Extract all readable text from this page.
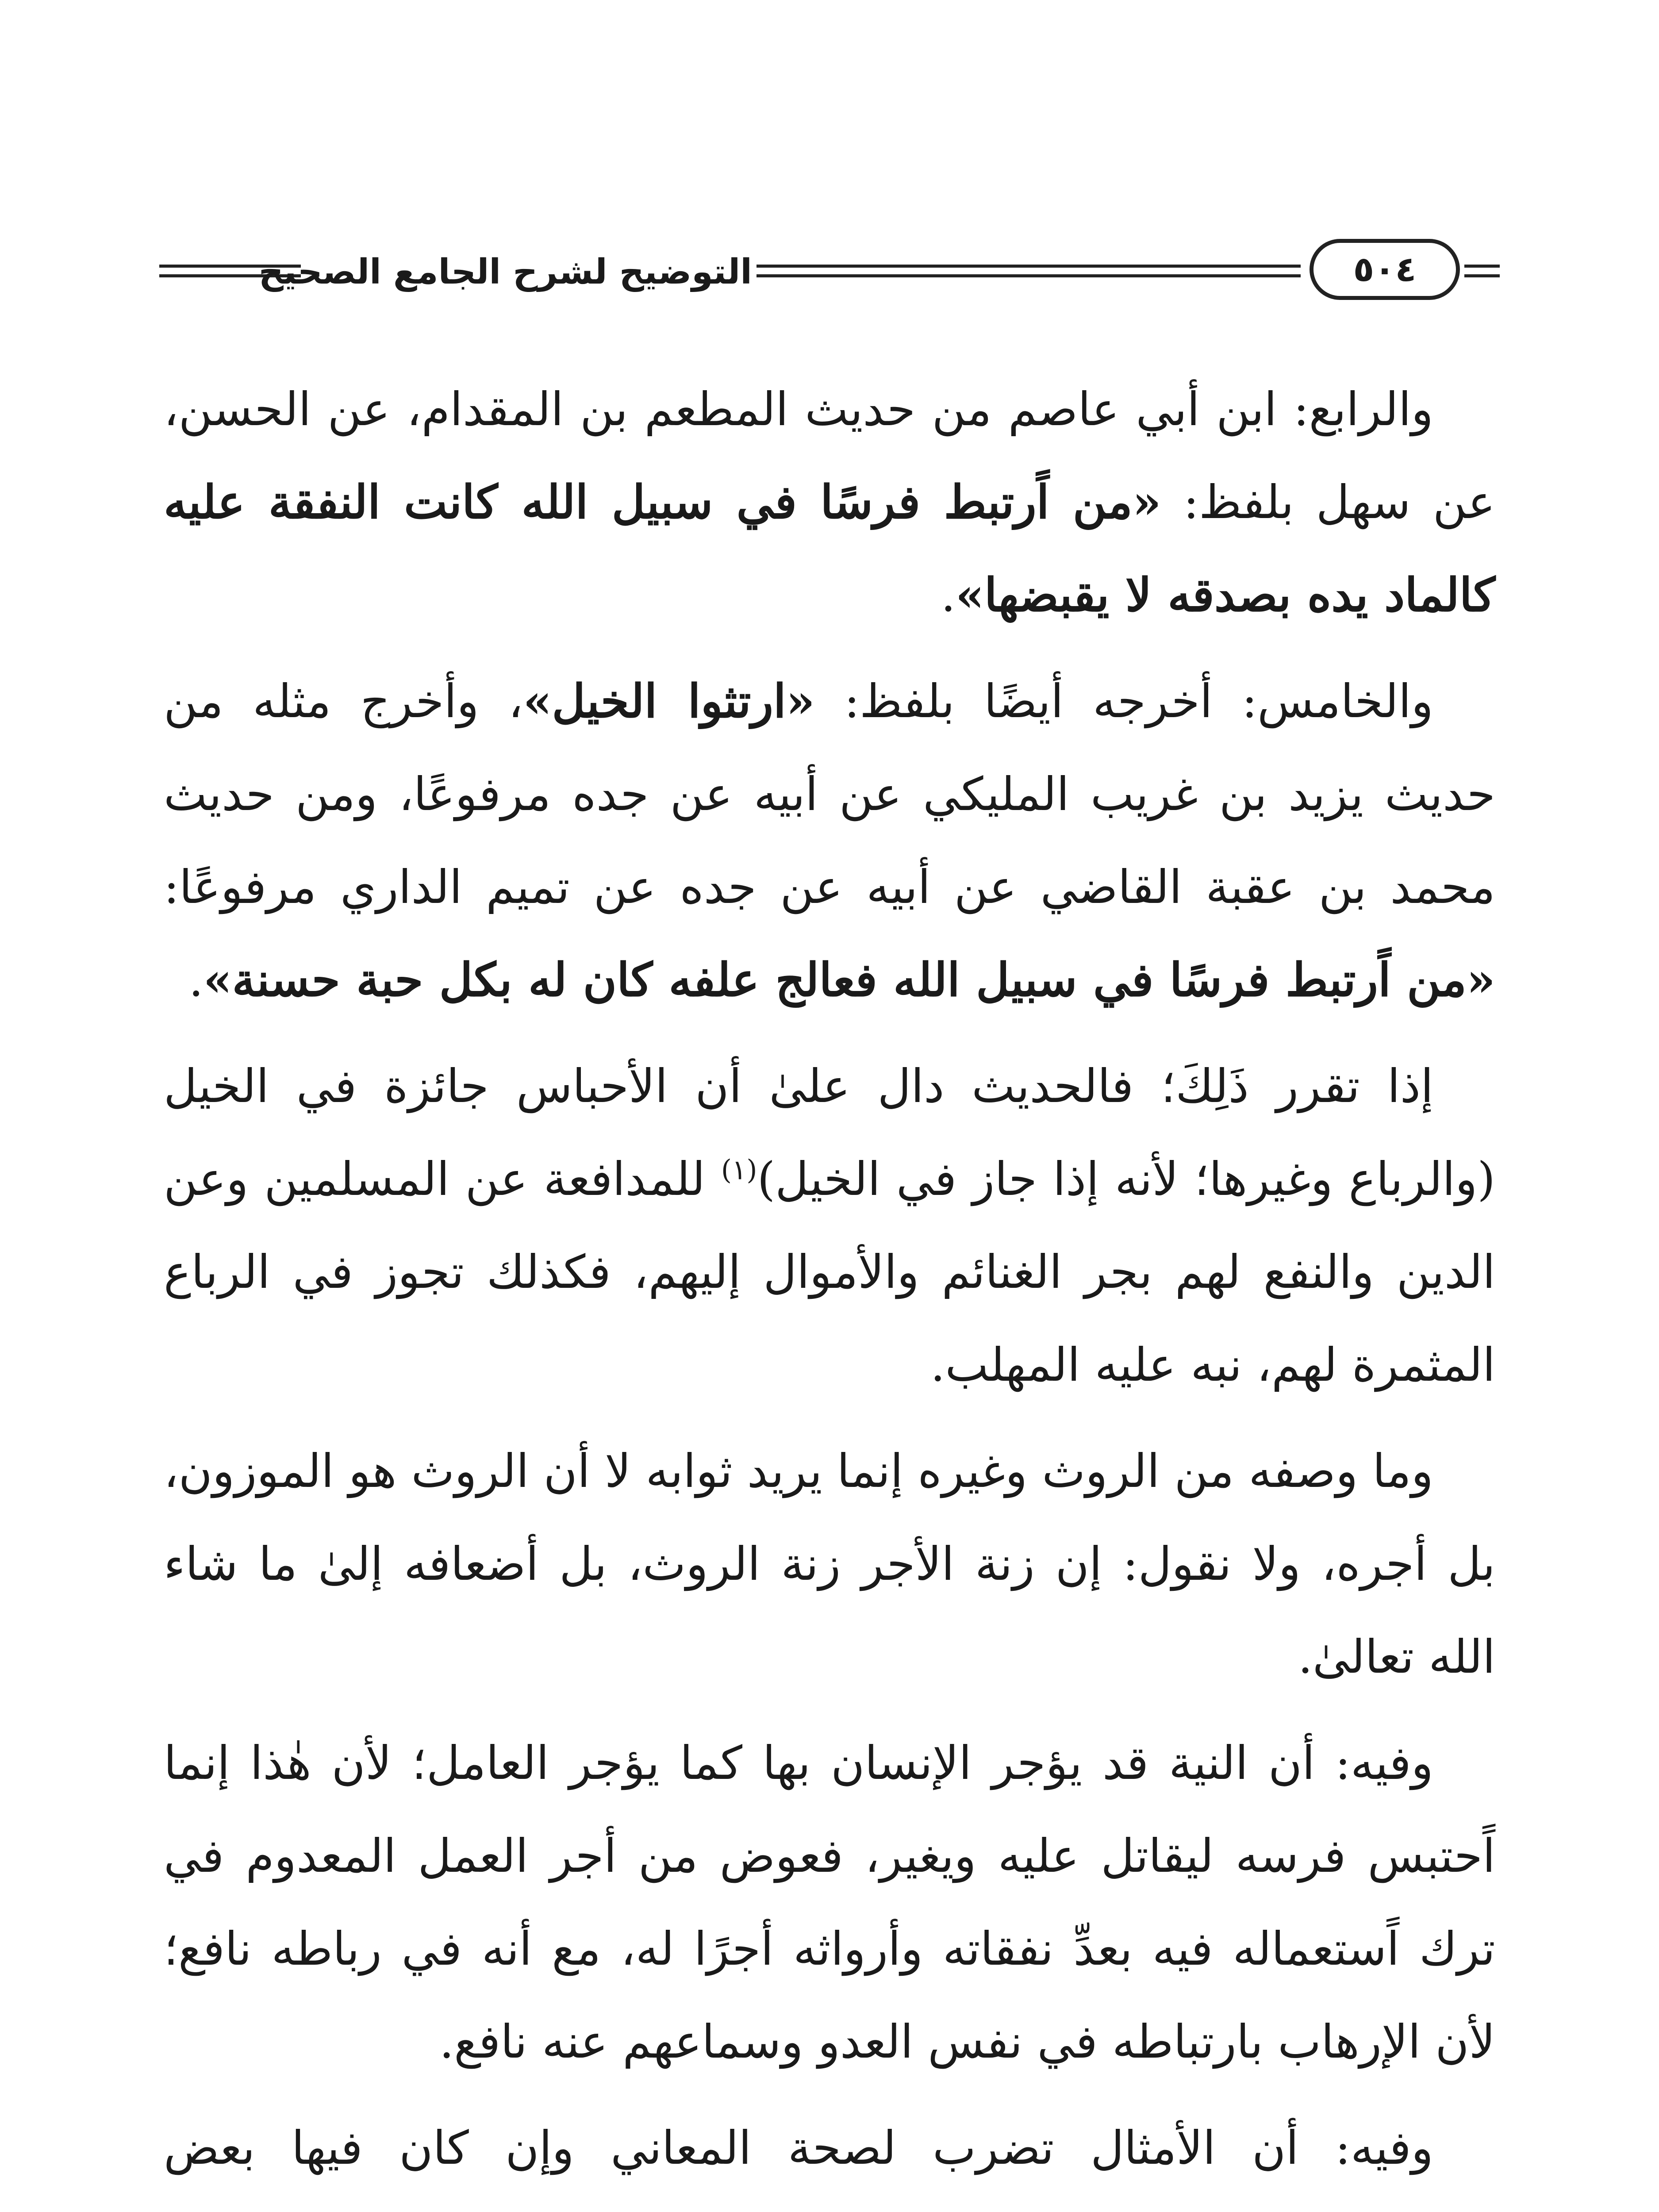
التوضيح لشرح الجامع الصحيح	٥٠٤

والرابع: ابن أبي عاصم من حديث المطعم بن المقدام، عن الحسن، عن سهل بلفظ: «من اًرتبط فرسًا في سبيل الله كانت النفقة عليه كالماد يده بصدقه لا يقبضها».

والخامس: أخرجه أيضًا بلفظ: «ارتثوا الخيل»، وأخرج مثله من حديث يزيد بن غريب المليكي عن أبيه عن جده مرفوعًا، ومن حديث محمد بن عقبة القاضي عن أبيه عن جده عن تميم الداري مرفوعًا: «من اًرتبط فرسًا في سبيل الله فعالج علفه كان له بكل حبة حسنة».

إذا تقرر ذَلِكَ؛ فالحديث دال علىٰ أن الأحباس جائزة في الخيل (والرباع وغيرها؛ لأنه إذا جاز في الخيل)$^{(١)}$ للمدافعة عن المسلمين وعن الدين والنفع لهم بجر الغنائم والأموال إليهم، فكذلك تجوز في الرباع المثمرة لهم، نبه عليه المهلب.

وما وصفه من الروث وغيره إنما يريد ثوابه لا أن الروث هو الموزون، بل أجره، ولا نقول: إن زنة الأجر زنة الروث، بل أضعافه إلىٰ ما شاء الله تعالىٰ.

وفيه: أن النية قد يؤجر الإنسان بها كما يؤجر العامل؛ لأن هٰذا إنما اًحتبس فرسه ليقاتل عليه ويغير، فعوض من أجر العمل المعدوم في ترك اًستعماله فيه بعدِّ نفقاته وأرواثه أجرًا له، مع أنه في رباطه نافع؛ لأن الإرهاب بارتباطه في نفس العدو وسماعهم عنه نافع.

وفيه: أن الأمثال تضرب لصحة المعاني وإن كان فيها بعض
